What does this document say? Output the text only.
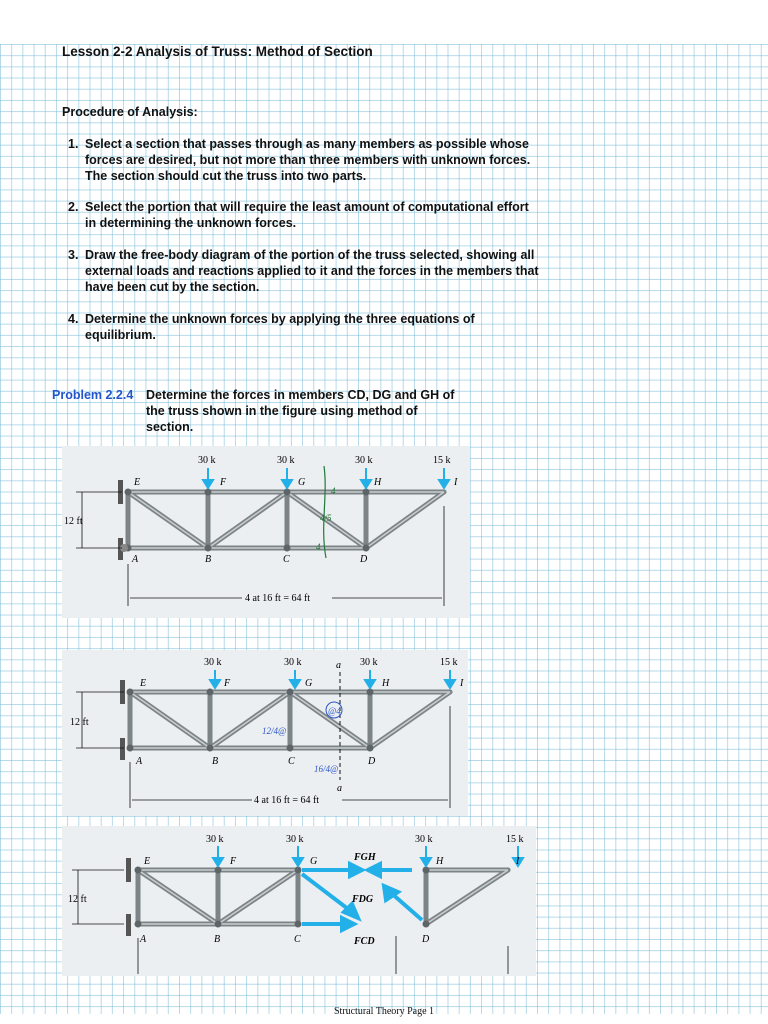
Lesson 2-2 Analysis of Truss: Method of Section
Procedure of Analysis:
1. Select a section that passes through as many members as possible whose forces are desired, but not more than three members with unknown forces. The section should cut the truss into two parts.
2. Select the portion that will require the least amount of computational effort in determining the unknown forces.
3. Draw the free-body diagram of the portion of the truss selected, showing all external loads and reactions applied to it and the forces in the members that have been cut by the section.
4. Determine the unknown forces by applying the three equations of equilibrium.
Problem 2.2.4 Determine the forces in members CD, DG and GH of the truss shown in the figure using method of section.
30 k	30 k	30 k	15 k
E	F	G	H	I
A	B	C	D
12 ft
4 at 16 ft = 64 ft
4
4/5
4
30 k	30 k	30 k	15 k
a
a
E	F	G	H	I
A	B	C	D
12 ft
4 at 16 ft = 64 ft
12/4@
@4
16/4@
30 k	30 k	30 k	15 k
E	F	G	H	I
A	B	C	D
12 ft
FGH
FDG
FCD
Structural Theory Page 1
